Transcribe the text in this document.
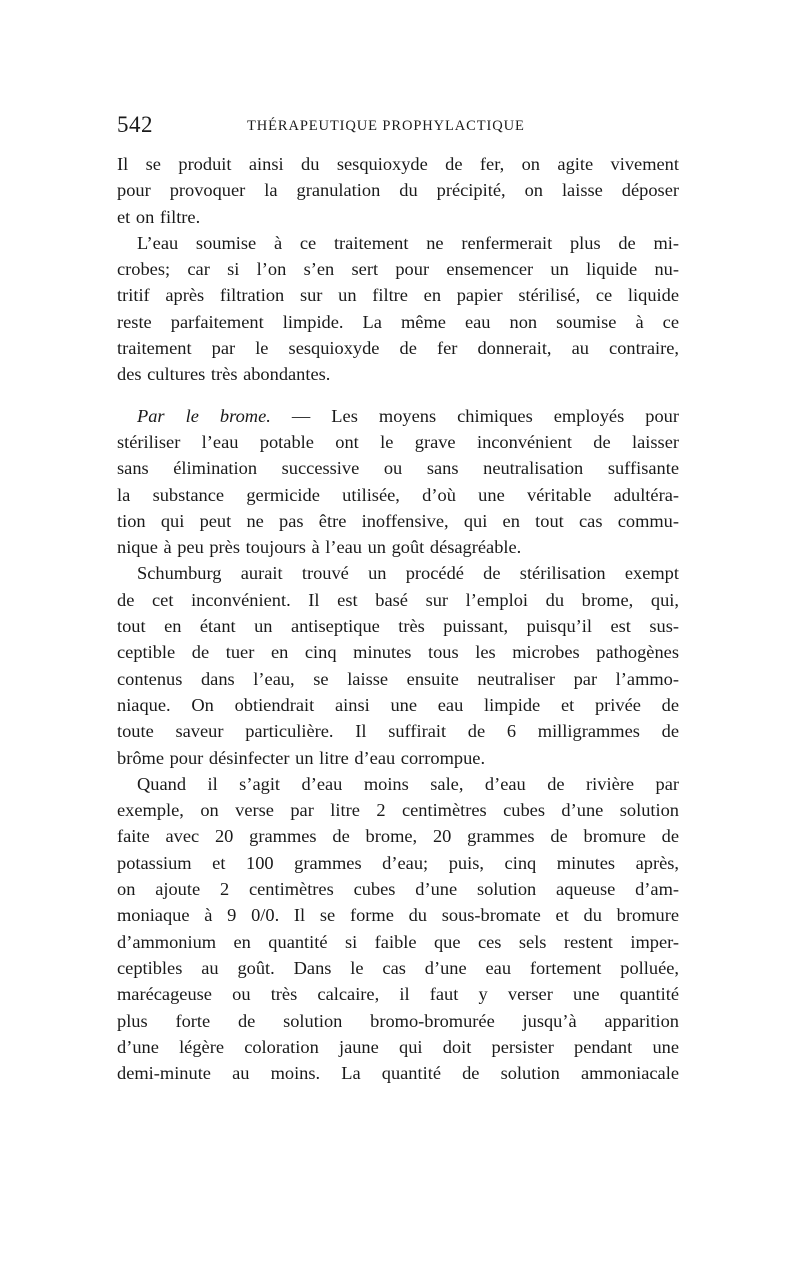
542	THÉRAPEUTIQUE PROPHYLACTIQUE

Il se produit ainsi du sesquioxyde de fer, on agite vivement
pour provoquer la granulation du précipité, on laisse déposer
et on filtre.

L’eau soumise à ce traitement ne renfermerait plus de mi-
crobes; car si l’on s’en sert pour ensemencer un liquide nu-
tritif après filtration sur un filtre en papier stérilisé, ce liquide
reste parfaitement limpide. La même eau non soumise à ce
traitement par le sesquioxyde de fer donnerait, au contraire,
des cultures très abondantes.

Par le brome. — Les moyens chimiques employés pour
stériliser l’eau potable ont le grave inconvénient de laisser
sans élimination successive ou sans neutralisation suffisante
la substance germicide utilisée, d’où une véritable adultéra-
tion qui peut ne pas être inoffensive, qui en tout cas commu-
nique à peu près toujours à l’eau un goût désagréable.

Schumburg aurait trouvé un procédé de stérilisation exempt
de cet inconvénient. Il est basé sur l’emploi du brome, qui,
tout en étant un antiseptique très puissant, puisqu’il est sus-
ceptible de tuer en cinq minutes tous les microbes pathogènes
contenus dans l’eau, se laisse ensuite neutraliser par l’ammo-
niaque. On obtiendrait ainsi une eau limpide et privée de
toute saveur particulière. Il suffirait de 6 milligrammes de
brôme pour désinfecter un litre d’eau corrompue.

Quand il s’agit d’eau moins sale, d’eau de rivière par
exemple, on verse par litre 2 centimètres cubes d’une solution
faite avec 20 grammes de brome, 20 grammes de bromure de
potassium et 100 grammes d’eau; puis, cinq minutes après,
on ajoute 2 centimètres cubes d’une solution aqueuse d’am-
moniaque à 9 0/0. Il se forme du sous-bromate et du bromure
d’ammonium en quantité si faible que ces sels restent imper-
ceptibles au goût. Dans le cas d’une eau fortement polluée,
marécageuse ou très calcaire, il faut y verser une quantité
plus forte de solution bromo-bromurée jusqu’à apparition
d’une légère coloration jaune qui doit persister pendant une
demi-minute au moins. La quantité de solution ammoniacale
